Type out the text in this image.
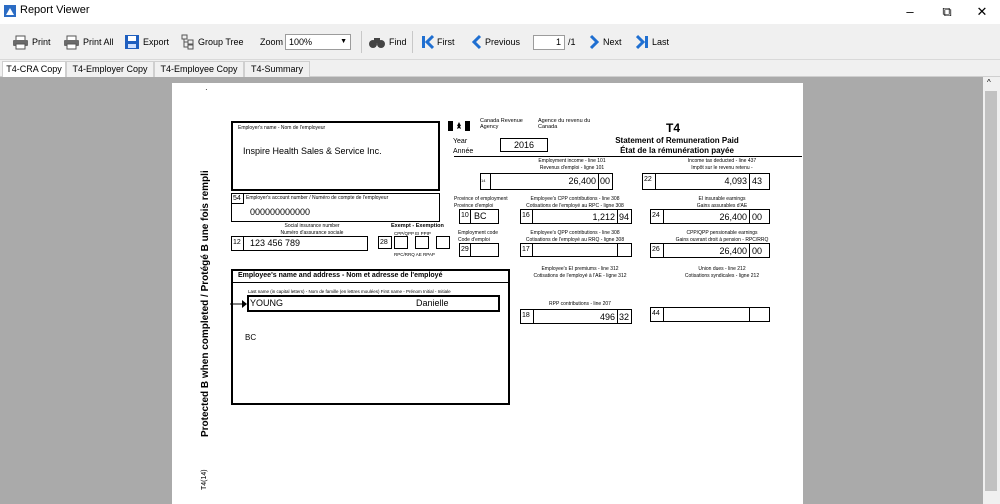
Report Viewer	–	⧉	✕
Print	Print All	Export	Group Tree Zoom 100%	▼	Find	First	Previous	1 /1	Next	Last
T4-CRA Copy	T4-Employer Copy	T4-Employee Copy	T4-Summary
^
·
Protected B when completed / Protégé B une fois rempli
T4(14)
Employer's name - Nom de l'employeur
Inspire Health Sales & Service Inc.
Canada Revenue Agency
Agence du revenu du Canada	T4
Statement of Remuneration Paid
État de la rémunération payée
Year
Année
2016
Employment income - line 101
Revenus d'emploi - ligne 101
14	26,400 00
Income tax deducted - line 437
Impôt sur le revenu retenu -
22	4,093 43
54 Employer's account number / Numéro de compte de l'employeur
000000000000
Social insurance number
Numéro d'assurance sociale
12 123 456 789
Exempt - Exemption
CPP/QPP EI PPIP
28
RPC/RRQ AE RPAP
Province of employment
Province d'emploi
10 BC
Employee's CPP contributions - line 308
Cotisations de l'employé au RPC - ligne 308
16	1,212 94
EI insurable earnings
Gains assurables d'AE
24	26,400 00
Employment code
Code d'emploi
29
Employee's QPP contributions - line 308
Cotisations de l'employé au RRQ - ligne 308
17
CPP/QPP pensionable earnings
Gains ouvrant droit à pension - RPC/RRQ
26	26,400 00
Employee's name and address - Nom et adresse de l'employé
Last name (in capital letters) - Nom de famille (en lettres moulées) First name - Prénom Initial - Initiale
YOUNG	Danielle
BC
Employee's EI premiums - line 312
Cotisations de l'employé à l'AE - ligne 312
18	496 32
Union dues - line 212
Cotisations syndicales - ligne 212
44
RPP contributions - line 207
